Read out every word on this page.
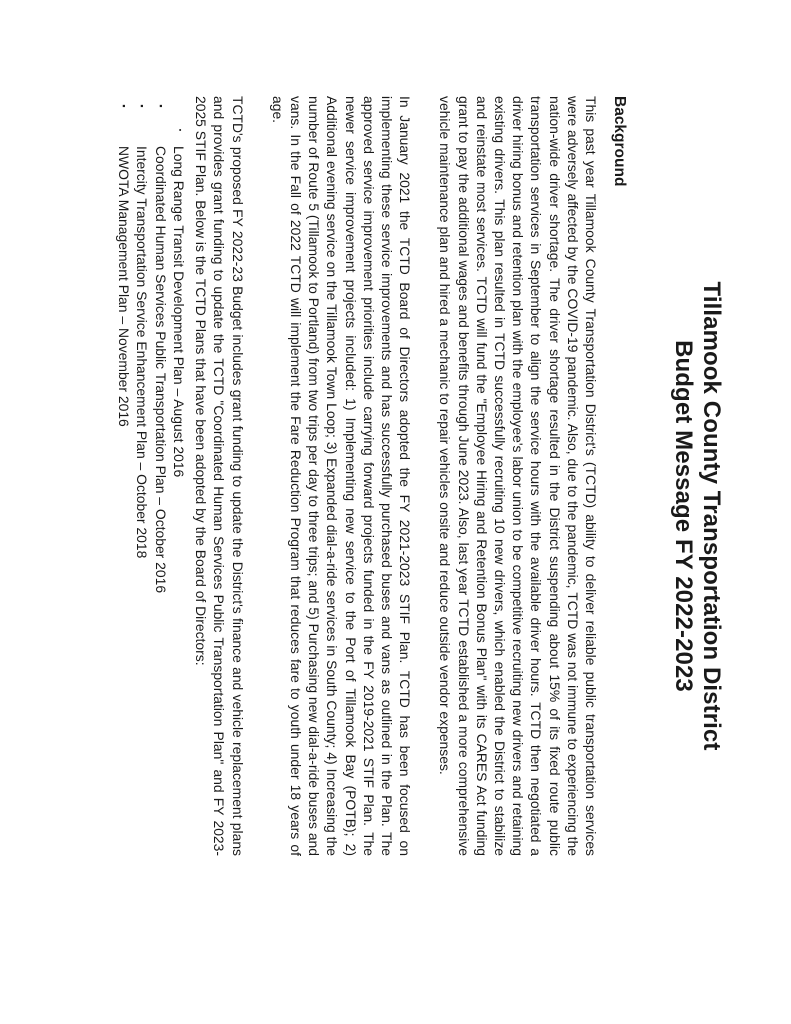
Tillamook County Transportation District
Budget Message FY 2022-2023
Background

This past year Tillamook County Transportation District's (TCTD) ability to deliver reliable public transportation services were adversely affected by the COVID-19 pandemic. Also, due to the pandemic, TCTD was not immune to experiencing the nation-wide driver shortage. The driver shortage resulted in the District suspending about 15% of its fixed route public transportation services in September to align the service hours with the available driver hours. TCTD then negotiated a driver hiring bonus and retention plan with the employee's labor union to be competitive recruiting new drivers and retaining existing drivers. This plan resulted in TCTD successfully recruiting 10 new drivers, which enabled the District to stabilize and reinstate most services. TCTD will fund the "Employee Hiring and Retention Bonus Plan" with its CARES Act funding grant to pay the additional wages and benefits through June 2023. Also, last year TCTD established a more comprehensive vehicle maintenance plan and hired a mechanic to repair vehicles onsite and reduce outside vendor expenses.

In January 2021 the TCTD Board of Directors adopted the FY 2021-2023 STIF Plan. TCTD has been focused on implementing these service improvements and has successfully purchased buses and vans as outlined in the Plan. The approved service improvement priorities include carrying forward projects funded in the FY 2019-2021 STIF Plan. The newer service improvement projects included: 1) Implementing new service to the Port of Tillamook Bay (POTB); 2) Additional evening service on the Tillamook Town Loop; 3) Expanded dial-a-ride services in South County; 4) Increasing the number of Route 5 (Tillamook to Portland) from two trips per day to three trips; and 5) Purchasing new dial-a-ride buses and vans. In the Fall of 2022 TCTD will implement the Fare Reduction Program that reduces fare to youth under 18 years of age.

TCTD's proposed FY 2022-23 Budget includes grant funding to update the District's finance and vehicle replacement plans and provides grant funding to update the TCTD "Coordinated Human Services Public Transportation Plan" and FY 2023-2025 STIF Plan. Below is the TCTD Plans that have been adopted by the Board of Directors:

▪
Long Range Transit Development Plan – August 2016
▪
Coordinated Human Services Public Transportation Plan – October 2016
▪
Intercity Transportation Service Enhancement Plan – October 2018
▪
NWOTA Management Plan – November 2016
